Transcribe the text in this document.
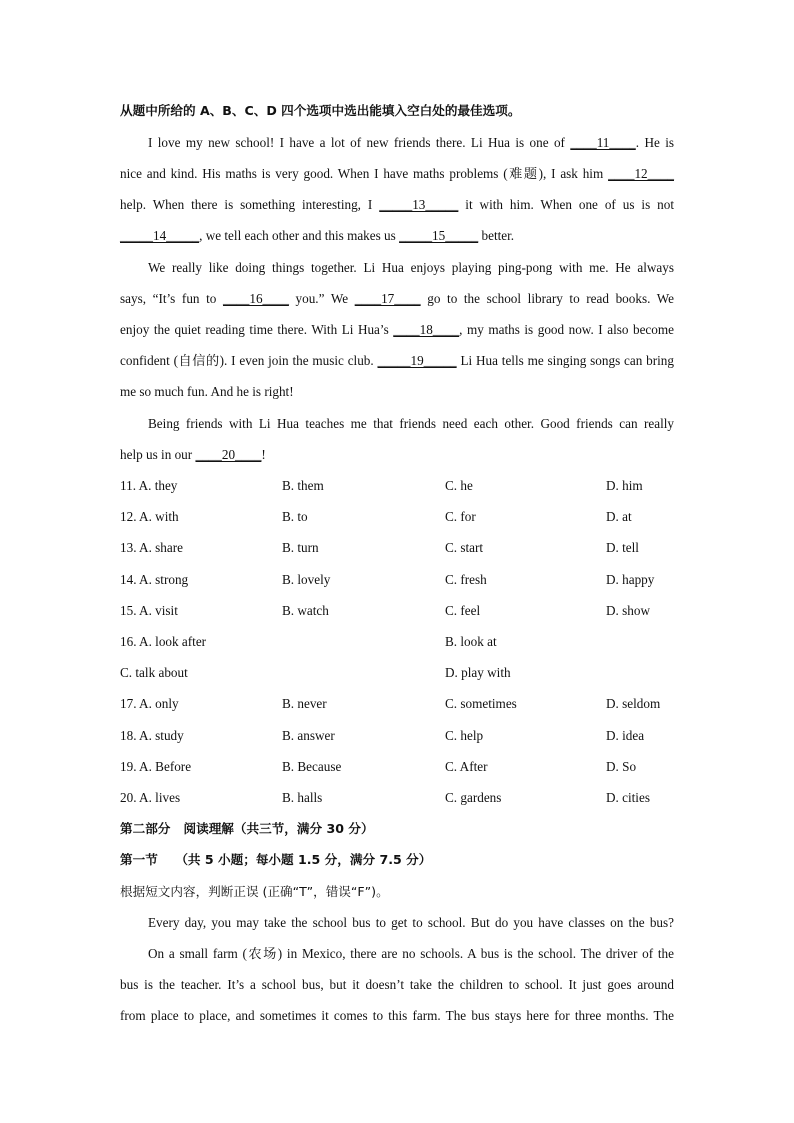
从题中所给的 A、B、C、D 四个选项中选出能填入空白处的最佳选项。
I love my new school! I have a lot of new friends there. Li Hua is one of ____11____. He is
nice and kind. His maths is very good. When I have maths problems (难题), I ask him ____12____
help. When there is something interesting, I _____13_____ it with him. When one of us is not
_____14_____, we tell each other and this makes us _____15_____ better.
We really like doing things together. Li Hua enjoys playing ping-pong with me. He always
says, “It’s fun to ____16____ you.” We ____17____ go to the school library to read books. We
enjoy the quiet reading time there. With Li Hua’s ____18____, my maths is good now. I also become
confident (自信的). I even join the music club. _____19_____ Li Hua tells me singing songs can bring
me so much fun. And he is right!
Being friends with Li Hua teaches me that friends need each other. Good friends can really
help us in our ____20____!
11. A. they	B. them	C. he	D. him
12. A. with	B. to	C. for	D. at
13. A. share	B. turn	C. start	D. tell
14. A. strong	B. lovely	C. fresh	D. happy
15. A. visit	B. watch	C. feel	D. show
16. A. look after	B. look at
C. talk about	D. play with
17. A. only	B. never	C. sometimes	D. seldom
18. A. study	B. answer	C. help	D. idea
19. A. Before	B. Because	C. After	D. So
20. A. lives	B. halls	C. gardens	D. cities
第二部分   阅读理解（共三节，满分 30 分）
第一节    （共 5 小题；每小题 1.5 分，满分 7.5 分）
根据短文内容，判断正误 (正确“T”，错误“F”)。
Every day, you may take the school bus to get to school. But do you have classes on the bus?
On a small farm (农场) in Mexico, there are no schools. A bus is the school. The driver of the
bus is the teacher. It’s a school bus, but it doesn’t take the children to school. It just goes around
from place to place, and sometimes it comes to this farm. The bus stays here for three months. The
